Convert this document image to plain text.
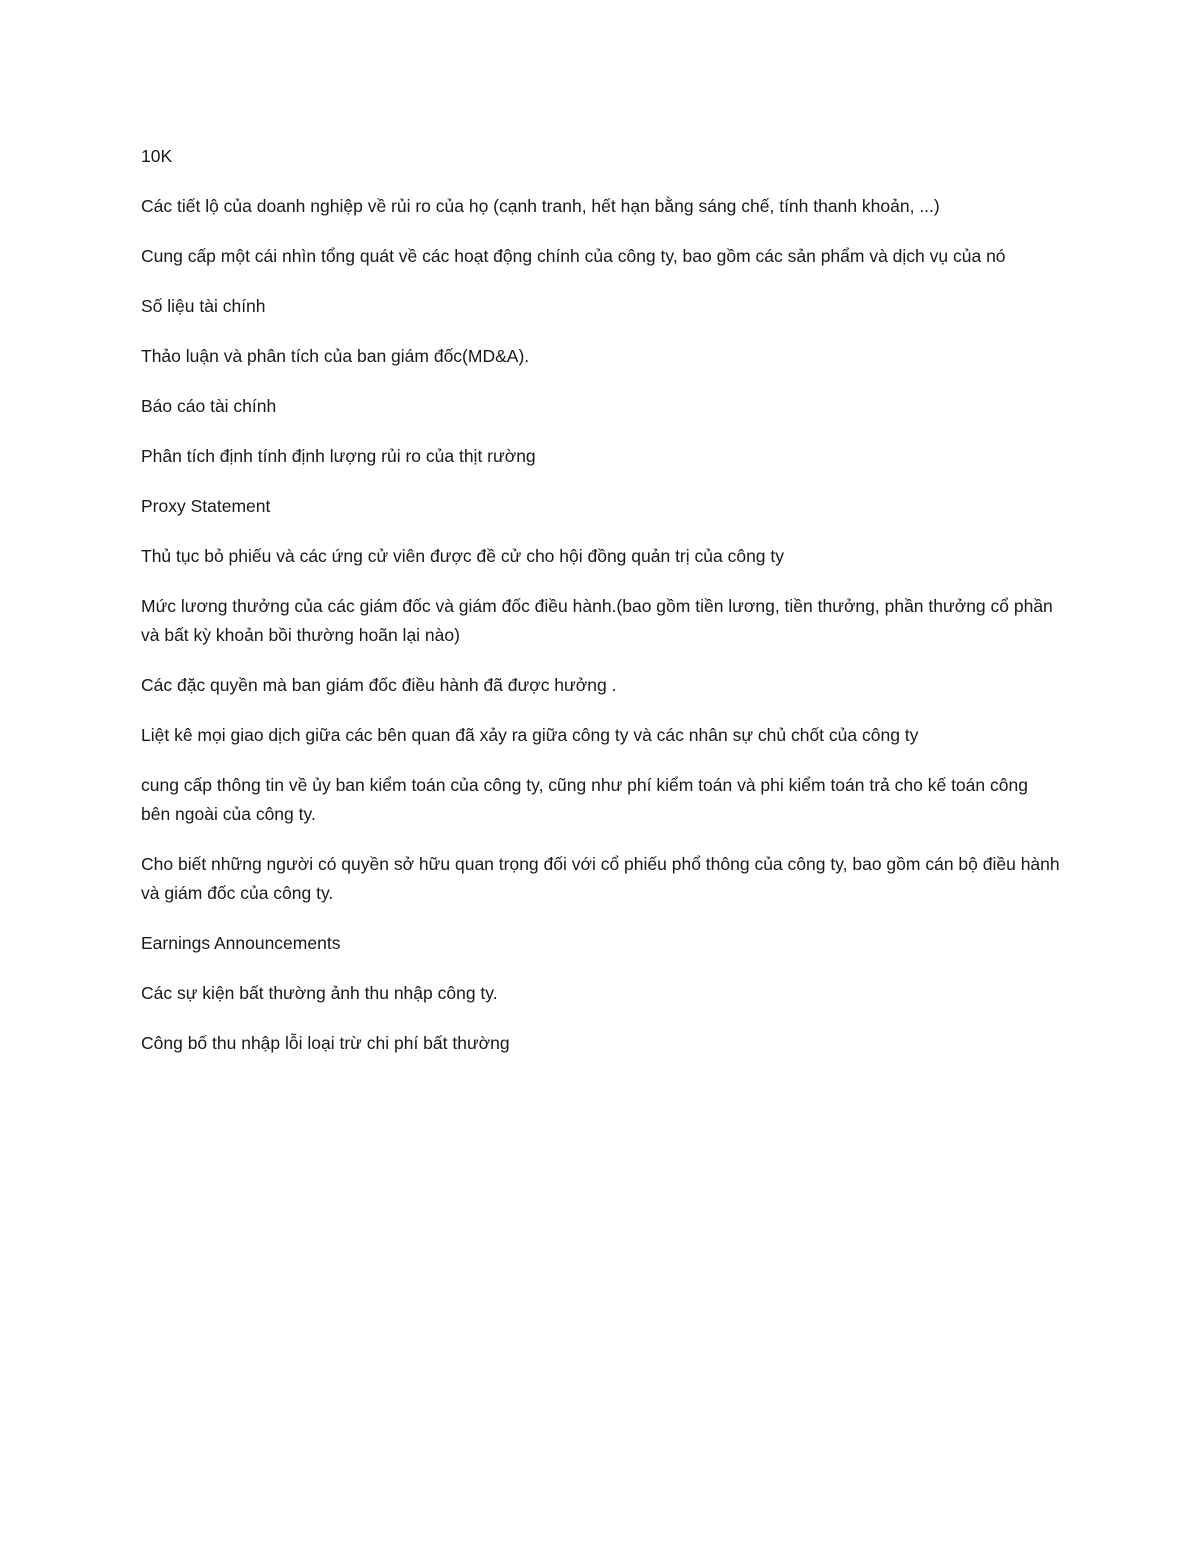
10K

Các tiết lộ của doanh nghiệp về rủi ro của họ (cạnh tranh, hết hạn bằng sáng chế, tính thanh khoản, ...)

Cung cấp một cái nhìn tổng quát về các hoạt động chính của công ty, bao gồm các sản phẩm và dịch vụ của nó

Số liệu tài chính

Thảo luận và phân tích của ban giám đốc(MD&A).

Báo cáo tài chính

Phân tích định tính định lượng rủi ro của thịt rường

Proxy Statement

Thủ tục bỏ phiếu và các ứng cử viên được đề cử cho hội đồng quản trị của công ty

Mức lương thưởng của các giám đốc và giám đốc điều hành.(bao gồm tiền lương, tiền thưởng, phần thưởng cổ phần và bất kỳ khoản bồi thường hoãn lại nào)

Các đặc quyền mà ban giám đốc điều hành đã được hưởng .

Liệt kê mọi giao dịch giữa các bên quan đã xảy ra giữa công ty và các nhân sự chủ chốt của công ty

cung cấp thông tin về ủy ban kiểm toán của công ty, cũng như phí kiểm toán và phi kiểm toán trả cho kế toán công bên ngoài của công ty.

Cho biết những người có quyền sở hữu quan trọng đối với cổ phiếu phổ thông của công ty, bao gồm cán bộ điều hành và giám đốc của công ty.

Earnings Announcements

Các sự kiện bất thường ảnh thu nhập công ty.

Công bố thu nhập lỗi loại trừ chi phí bất thường
